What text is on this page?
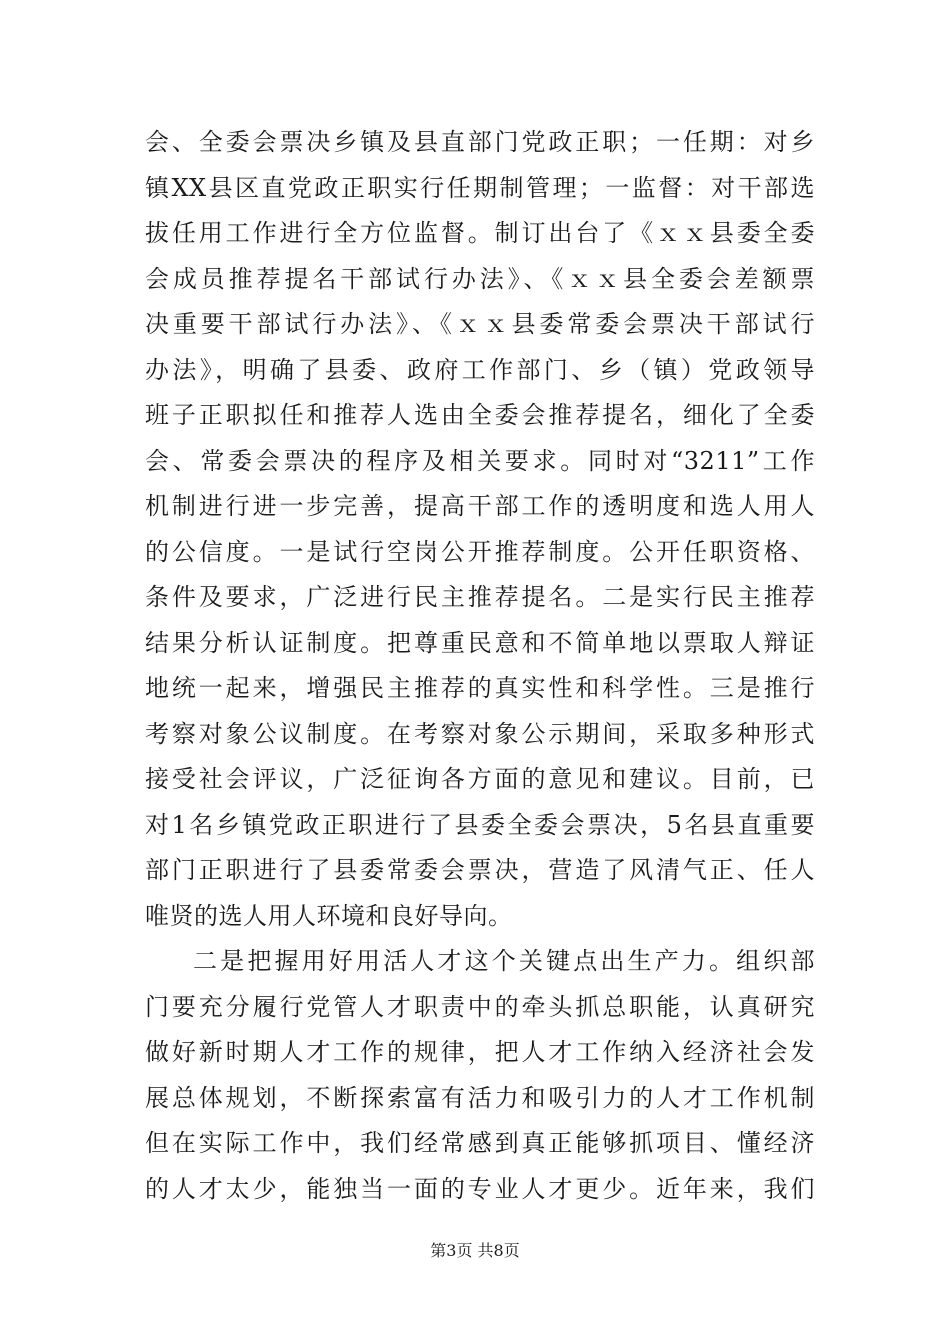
会、全委会票决乡镇及县直部门党政正职；一任期：对乡
镇XX县区直党政正职实行任期制管理；一监督：对干部选
拔任用工作进行全方位监督。制订出台了《ｘｘ县委全委
会成员推荐提名干部试行办法》、《ｘｘ县全委会差额票
决重要干部试行办法》、《ｘｘ县委常委会票决干部试行
办法》，明确了县委、政府工作部门、乡（镇）党政领导
班子正职拟任和推荐人选由全委会推荐提名，细化了全委
会、常委会票决的程序及相关要求。同时对“3211”工作
机制进行进一步完善，提高干部工作的透明度和选人用人
的公信度。一是试行空岗公开推荐制度。公开任职资格、
条件及要求，广泛进行民主推荐提名。二是实行民主推荐
结果分析认证制度。把尊重民意和不简单地以票取人辩证
地统一起来，增强民主推荐的真实性和科学性。三是推行
考察对象公议制度。在考察对象公示期间，采取多种形式
接受社会评议，广泛征询各方面的意见和建议。目前，已
对1名乡镇党政正职进行了县委全委会票决，5名县直重要
部门正职进行了县委常委会票决，营造了风清气正、任人
唯贤的选人用人环境和良好导向。
二是把握用好用活人才这个关键点出生产力。组织部
门要充分履行党管人才职责中的牵头抓总职能，认真研究
做好新时期人才工作的规律，把人才工作纳入经济社会发
展总体规划，不断探索富有活力和吸引力的人才工作机制
但在实际工作中，我们经常感到真正能够抓项目、懂经济
的人才太少，能独当一面的专业人才更少。近年来，我们
第3页 共8页
